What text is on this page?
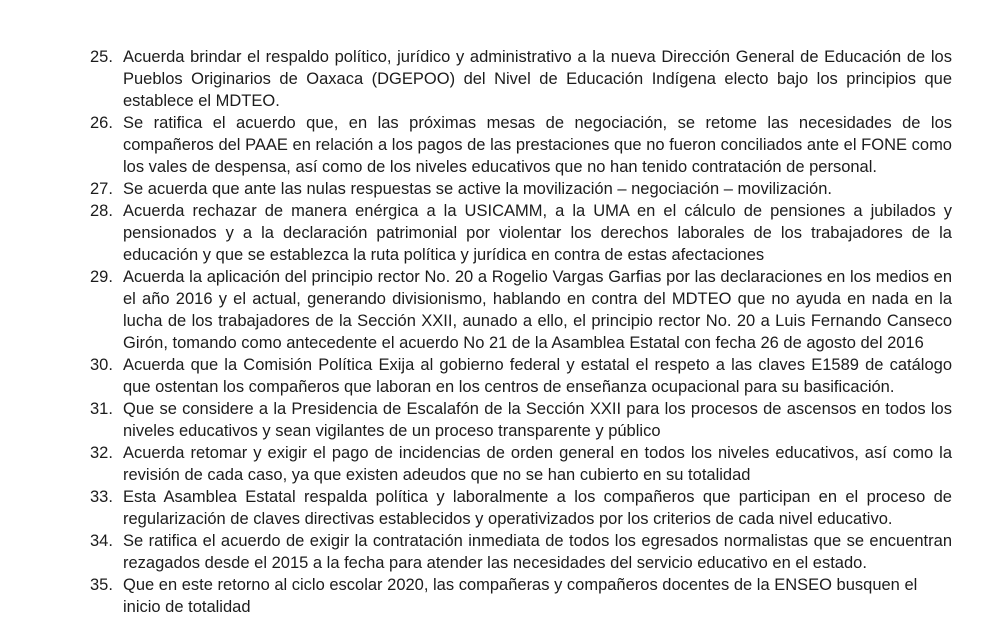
25. Acuerda brindar el respaldo político, jurídico y administrativo a la nueva Dirección General de Educación de los Pueblos Originarios de Oaxaca (DGEPOO) del Nivel de Educación Indígena electo bajo los principios que establece el MDTEO.
26. Se ratifica el acuerdo que, en las próximas mesas de negociación, se retome las necesidades de los compañeros del PAAE en relación a los pagos de las prestaciones que no fueron conciliados ante el FONE como los vales de despensa, así como de los niveles educativos que no han tenido contratación de personal.
27. Se acuerda que ante las nulas respuestas se active la movilización – negociación – movilización.
28. Acuerda rechazar de manera enérgica a la USICAMM, a la UMA en el cálculo de pensiones a jubilados y pensionados y a la declaración patrimonial por violentar los derechos laborales de los trabajadores de la educación y que se establezca la ruta política y jurídica en contra de estas afectaciones
29. Acuerda la aplicación del principio rector No. 20 a Rogelio Vargas Garfias por las declaraciones en los medios en el año 2016 y el actual, generando divisionismo, hablando en contra del MDTEO que no ayuda en nada en la lucha de los trabajadores de la Sección XXII, aunado a ello, el principio rector No. 20 a Luis Fernando Canseco Girón, tomando como antecedente el acuerdo No 21 de la Asamblea Estatal con fecha 26 de agosto del 2016
30. Acuerda que la Comisión Política Exija al gobierno federal y estatal el respeto a las claves E1589 de catálogo que ostentan los compañeros que laboran en los centros de enseñanza ocupacional para su basificación.
31. Que se considere a la Presidencia de Escalafón de la Sección XXII para los procesos de ascensos en todos los niveles educativos y sean vigilantes de un proceso transparente y público
32. Acuerda retomar y exigir el pago de incidencias de orden general en todos los niveles educativos, así como la revisión de cada caso, ya que existen adeudos que no se han cubierto en su totalidad
33. Esta Asamblea Estatal respalda política y laboralmente a los compañeros que participan en el proceso de regularización de claves directivas establecidos y operativizados por los criterios de cada nivel educativo.
34. Se ratifica el acuerdo de exigir la contratación inmediata de todos los egresados normalistas que se encuentran rezagados desde el 2015 a la fecha para atender las necesidades del servicio educativo en el estado.
35. Que en este retorno al ciclo escolar 2020, las compañeras y compañeros docentes de la ENSEO busquen el inicio de totalidad
